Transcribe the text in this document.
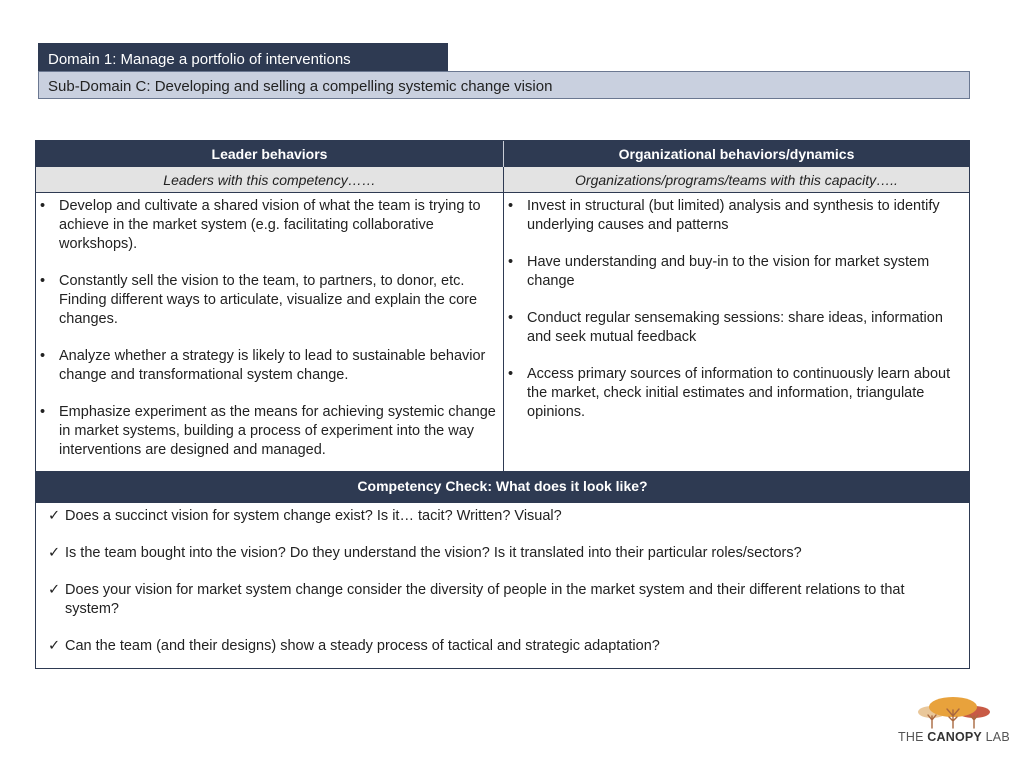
Domain 1: Manage a portfolio of interventions
Sub-Domain C: Developing and selling a compelling systemic change vision
Leader behaviors	Organizational behaviors/dynamics
Leaders with this competency……	Organizations/programs/teams with this capacity…..
• Develop and cultivate a shared vision of what the team is trying to achieve in the market system (e.g. facilitating collaborative workshops).
• Constantly sell the vision to the team, to partners, to donor, etc. Finding different ways to articulate, visualize and explain the core changes.
• Analyze whether a strategy is likely to lead to sustainable behavior change and transformational system change.
• Emphasize experiment as the means for achieving systemic change in market systems, building a process of experiment into the way interventions are designed and managed.
• Invest in structural (but limited) analysis and synthesis to identify underlying causes and patterns
• Have understanding and buy-in to the vision for market system change
• Conduct regular sensemaking sessions: share ideas, information and seek mutual feedback
• Access primary sources of information to continuously learn about the market, check initial estimates and information, triangulate opinions.
Competency Check: What does it look like?
✓ Does a succinct vision for system change exist? Is it… tacit? Written? Visual?
✓ Is the team bought into the vision? Do they understand the vision? Is it translated into their particular roles/sectors?
✓ Does your vision for market system change consider the diversity of people in the market system and their different relations to that system?
✓ Can the team (and their designs) show a steady process of tactical and strategic adaptation?
THE CANOPY LAB
